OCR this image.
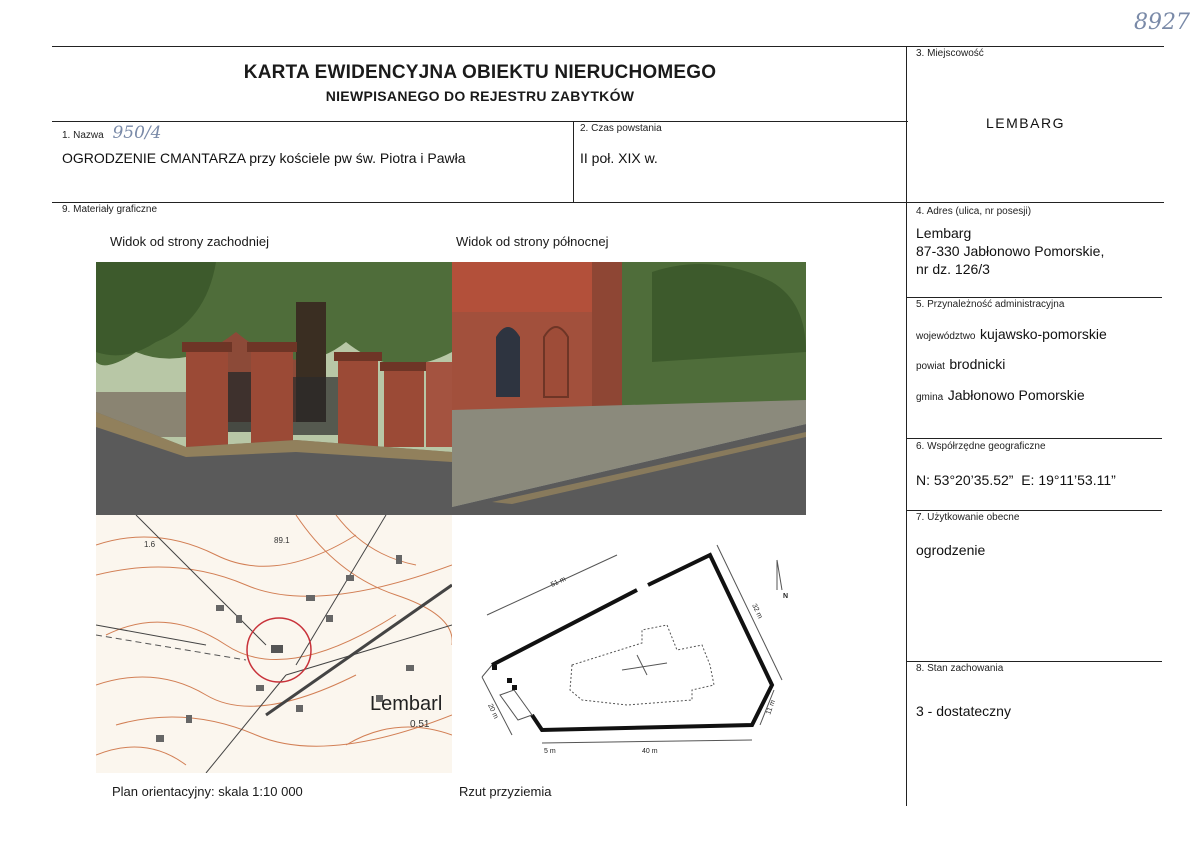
8927
KARTA EWIDENCYJNA OBIEKTU NIERUCHOMEGO
NIEWPISANEGO DO REJESTRU ZABYTKÓW
1. Nazwa 950/4
OGRODZENIE CMANTARZA przy kościele pw św. Piotra i Pawła
2. Czas powstania
II poł. XIX w.
3. Miejscowość
LEMBARG
4. Adres (ulica, nr posesji)
Lembarg
87-330 Jabłonowo Pomorskie,
nr dz. 126/3
5. Przynależność administracyjna
województwo kujawsko-pomorskie
powiat brodnicki
gmina Jabłonowo Pomorskie
6. Współrzędne geograficzne
N: 53°20’35.52”  E: 19°11’53.11”
7. Użytkowanie obecne
ogrodzenie
8. Stan zachowania
3 - dostateczny
9. Materiały graficzne
Widok od strony zachodniej	Widok od strony północnej
Plan orientacyjny: skala 1:10 000	Rzut przyziemia
Lembarl
0.51
89.1
1.6
51 m
32 m
11 m
40 m
20 m
5 m
N
